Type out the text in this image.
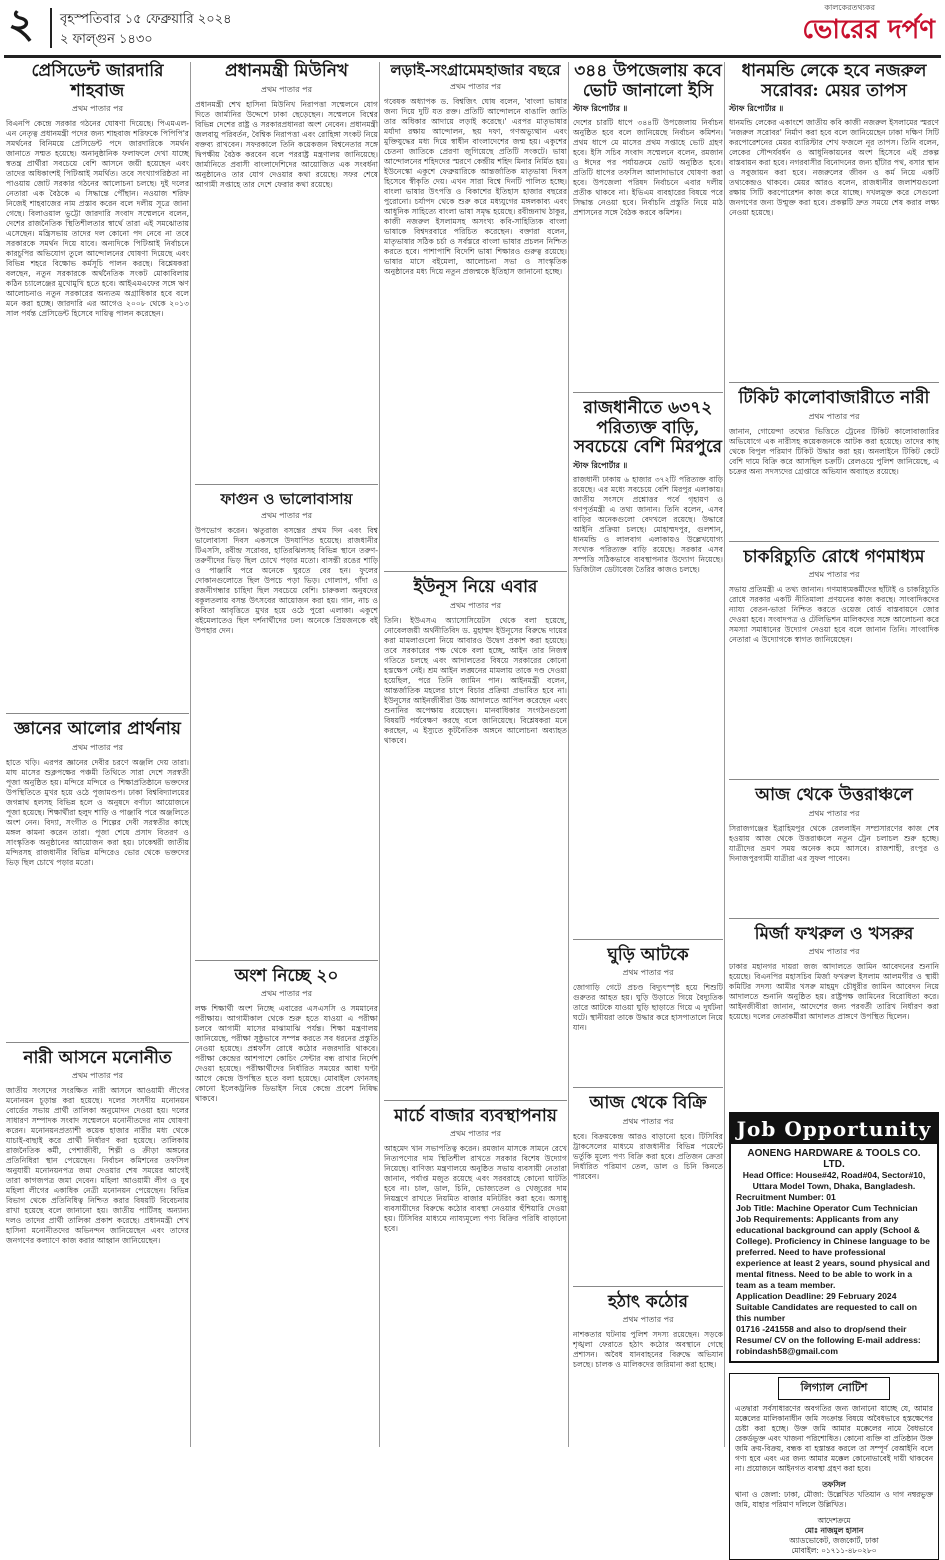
২ বৃহস্পতিবার ১৫ ফেব্রুয়ারি ২০২৪
২ ফাল্গুন ১৪৩০
কালকেরতথ্যকর
ভোরের দর্পণ
প্রেসিডেন্ট জারদারি শাহবাজ
প্রথম পাতার পর

বিএনপি কেন্দ্রে সরকার গঠনের ঘোষণা দিয়েছে। পিএমএল-এন নেতৃত্ব প্রধানমন্ত্রী পদের জন্য শাহবাজ শরিফকে পিপিপি'র সমর্থনের বিনিময়ে প্রেসিডেন্ট পদে জারদারিকে সমর্থন জানাতে সম্মত হয়েছে। অনানুষ্ঠানিক ফলাফলে দেখা যাচ্ছে স্বতন্ত্র প্রার্থীরা সবচেয়ে বেশি আসনে জয়ী হয়েছেন এবং তাদের অধিকাংশই পিটিআই সমর্থিত। তবে সংখ্যাগরিষ্ঠতা না পাওয়ায় জোট সরকার গঠনের আলোচনা চলছে। দুই দলের নেতারা এক বৈঠকে এ সিদ্ধান্তে পৌঁছান। নওয়াজ শরিফ নিজেই শাহবাজের নাম প্রস্তাব করেন বলে দলীয় সূত্রে জানা গেছে। বিলাওয়াল ভুট্টো জারদারি সংবাদ সম্মেলনে বলেন, দেশের রাজনৈতিক স্থিতিশীলতার স্বার্থে তারা এই সমঝোতায় এসেছেন। মন্ত্রিসভায় তাদের দল কোনো পদ নেবে না তবে সরকারকে সমর্থন দিয়ে যাবে। অন্যদিকে পিটিআই নির্বাচনে কারচুপির অভিযোগ তুলে আন্দোলনের ঘোষণা দিয়েছে এবং বিভিন্ন শহরে বিক্ষোভ কর্মসূচি পালন করছে। বিশ্লেষকরা বলছেন, নতুন সরকারকে অর্থনৈতিক সংকট মোকাবিলায় কঠিন চ্যালেঞ্জের মুখোমুখি হতে হবে। আইএমএফের সঙ্গে ঋণ আলোচনাও নতুন সরকারের অন্যতম অগ্রাধিকার হবে বলে মনে করা হচ্ছে। জারদারি এর আগেও ২০০৮ থেকে ২০১৩ সাল পর্যন্ত প্রেসিডেন্ট হিসেবে দায়িত্ব পালন করেছেন।

জ্ঞানের আলোর প্রার্থনায়
প্রথম পাতার পর

হাতে খড়ি। এরপর জ্ঞানের দেবীর চরণে অঞ্জলি দেয় তারা। মাঘ মাসের শুক্লপক্ষের পঞ্চমী তিথিতে সারা দেশে সরস্বতী পূজা অনুষ্ঠিত হয়। মন্দিরে মন্দিরে ও শিক্ষাপ্রতিষ্ঠানে ভক্তদের উপস্থিতিতে মুখর হয়ে ওঠে পূজামণ্ডপ। ঢাকা বিশ্ববিদ্যালয়ের জগন্নাথ হলসহ বিভিন্ন হলে ও অনুষদে বর্ণাঢ্য আয়োজনে পূজা হয়েছে। শিক্ষার্থীরা হলুদ শাড়ি ও পাঞ্জাবি পরে অঞ্জলিতে অংশ নেন। বিদ্যা, সংগীত ও শিল্পের দেবী সরস্বতীর কাছে মঙ্গল কামনা করেন তারা। পূজা শেষে প্রসাদ বিতরণ ও সাংস্কৃতিক অনুষ্ঠানের আয়োজন করা হয়। ঢাকেশ্বরী জাতীয় মন্দিরসহ রাজধানীর বিভিন্ন মন্দিরেও ভোর থেকে ভক্তদের ভিড় ছিল চোখে পড়ার মতো।

নারী আসনে মনোনীত
প্রথম পাতার পর

জাতীয় সংসদের সংরক্ষিত নারী আসনে আওয়ামী লীগের মনোনয়ন চূড়ান্ত করা হয়েছে। দলের সংসদীয় মনোনয়ন বোর্ডের সভায় প্রার্থী তালিকা অনুমোদন দেওয়া হয়। দলের সাধারণ সম্পাদক সংবাদ সম্মেলনে মনোনীতদের নাম ঘোষণা করেন। মনোনয়নপ্রত্যাশী কয়েক হাজার নারীর মধ্য থেকে যাচাই-বাছাই করে প্রার্থী নির্ধারণ করা হয়েছে। তালিকায় রাজনৈতিক কর্মী, পেশাজীবী, শিল্পী ও ক্রীড়া অঙ্গনের প্রতিনিধিরা স্থান পেয়েছেন। নির্বাচন কমিশনের তফসিল অনুযায়ী মনোনয়নপত্র জমা দেওয়ার শেষ সময়ের আগেই তারা কাগজপত্র জমা দেবেন। মহিলা আওয়ামী লীগ ও যুব মহিলা লীগের একাধিক নেত্রী মনোনয়ন পেয়েছেন। বিভিন্ন বিভাগ থেকে প্রতিনিধিত্ব নিশ্চিত করার বিষয়টি বিবেচনায় রাখা হয়েছে বলে জানানো হয়। জাতীয় পার্টিসহ অন্যান্য দলও তাদের প্রার্থী তালিকা প্রকাশ করেছে। প্রধানমন্ত্রী শেখ হাসিনা মনোনীতদের অভিনন্দন জানিয়েছেন এবং তাদের জনগণের কল্যাণে কাজ করার আহ্বান জানিয়েছেন।

প্রধানমন্ত্রী মিউনিখ
প্রথম পাতার পর

প্রধানমন্ত্রী শেখ হাসিনা মিউনিখ নিরাপত্তা সম্মেলনে যোগ দিতে জার্মানির উদ্দেশে ঢাকা ছেড়েছেন। সম্মেলনে বিশ্বের বিভিন্ন দেশের রাষ্ট্র ও সরকারপ্রধানরা অংশ নেবেন। প্রধানমন্ত্রী জলবায়ু পরিবর্তন, বৈশ্বিক নিরাপত্তা এবং রোহিঙ্গা সংকট নিয়ে বক্তব্য রাখবেন। সফরকালে তিনি কয়েকজন বিশ্বনেতার সঙ্গে দ্বিপক্ষীয় বৈঠক করবেন বলে পররাষ্ট্র মন্ত্রণালয় জানিয়েছে। জার্মানিতে প্রবাসী বাংলাদেশিদের আয়োজিত এক সংবর্ধনা অনুষ্ঠানেও তার যোগ দেওয়ার কথা রয়েছে। সফর শেষে আগামী সপ্তাহে তার দেশে ফেরার কথা রয়েছে।

ফাগুন ও ভালোবাসায়
প্রথম পাতার পর

উপভোগ করেন। ঋতুরাজ বসন্তের প্রথম দিন এবং বিশ্ব ভালোবাসা দিবস একসঙ্গে উদযাপিত হয়েছে। রাজধানীর টিএসসি, রবীন্দ্র সরোবর, হাতিরঝিলসহ বিভিন্ন স্থানে তরুণ-তরুণীদের ভিড় ছিল চোখে পড়ার মতো। বাসন্তী রঙের শাড়ি ও পাঞ্জাবি পরে অনেকে ঘুরতে বের হন। ফুলের দোকানগুলোতে ছিল উপচে পড়া ভিড়। গোলাপ, গাঁদা ও রজনীগন্ধার চাহিদা ছিল সবচেয়ে বেশি। চারুকলা অনুষদের বকুলতলায় বসন্ত উৎসবের আয়োজন করা হয়। গান, নাচ ও কবিতা আবৃত্তিতে মুখর হয়ে ওঠে পুরো এলাকা। একুশে বইমেলাতেও ছিল দর্শনার্থীদের ঢল। অনেকে প্রিয়জনকে বই উপহার দেন।

অংশ নিচ্ছে ২০
প্রথম পাতার পর

লক্ষ শিক্ষার্থী অংশ নিচ্ছে এবারের এসএসসি ও সমমানের পরীক্ষায়। আগামীকাল থেকে শুরু হতে যাওয়া এ পরীক্ষা চলবে আগামী মাসের মাঝামাঝি পর্যন্ত। শিক্ষা মন্ত্রণালয় জানিয়েছে, পরীক্ষা সুষ্ঠুভাবে সম্পন্ন করতে সব ধরনের প্রস্তুতি নেওয়া হয়েছে। প্রশ্নফাঁস রোধে কঠোর নজরদারি থাকবে। পরীক্ষা কেন্দ্রের আশপাশে কোচিং সেন্টার বন্ধ রাখার নির্দেশ দেওয়া হয়েছে। পরীক্ষার্থীদের নির্ধারিত সময়ের আধা ঘণ্টা আগে কেন্দ্রে উপস্থিত হতে বলা হয়েছে। মোবাইল ফোনসহ কোনো ইলেকট্রনিক ডিভাইস নিয়ে কেন্দ্রে প্রবেশ নিষিদ্ধ থাকবে।

লড়াই-সংগ্রামেমহাজার বছরে
প্রথম পাতার পর

গবেষক অধ্যাপক ড. বিশ্বজিৎ ঘোষ বলেন, 'বাংলা ভাষার জন্য দিয়ে দুটি যত রক্ত। প্রতিটি আন্দোলনে বাঙালি জাতি তার অধিকার আদায়ে লড়াই করেছে।' এরপর মাতৃভাষার মর্যাদা রক্ষায় আন্দোলন, ছয় দফা, গণঅভ্যুত্থান এবং মুক্তিযুদ্ধের মধ্য দিয়ে স্বাধীন বাংলাদেশের জন্ম হয়। একুশের চেতনা জাতিকে প্রেরণা জুগিয়েছে প্রতিটি সংকটে। ভাষা আন্দোলনের শহিদদের স্মরণে কেন্দ্রীয় শহিদ মিনার নির্মিত হয়। ইউনেস্কো একুশে ফেব্রুয়ারিকে আন্তর্জাতিক মাতৃভাষা দিবস হিসেবে স্বীকৃতি দেয়। এখন সারা বিশ্বে দিনটি পালিত হচ্ছে। বাংলা ভাষার উৎপত্তি ও বিকাশের ইতিহাস হাজার বছরের পুরোনো। চর্যাপদ থেকে শুরু করে মধ্যযুগের মঙ্গলকাব্য এবং আধুনিক সাহিত্যে বাংলা ভাষা সমৃদ্ধ হয়েছে। রবীন্দ্রনাথ ঠাকুর, কাজী নজরুল ইসলামসহ অসংখ্য কবি-সাহিত্যিক বাংলা ভাষাকে বিশ্বদরবারে পরিচিত করেছেন। বক্তারা বলেন, মাতৃভাষার সঠিক চর্চা ও সর্বস্তরে বাংলা ভাষার প্রচলন নিশ্চিত করতে হবে। পাশাপাশি বিদেশি ভাষা শিক্ষারও গুরুত্ব রয়েছে। ভাষার মাসে বইমেলা, আলোচনা সভা ও সাংস্কৃতিক অনুষ্ঠানের মধ্য দিয়ে নতুন প্রজন্মকে ইতিহাস জানানো হচ্ছে।

ইউনূস নিয়ে এবার
প্রথম পাতার পর

তিনি। ইউএসএ অ্যাসোসিয়েটস থেকে বলা হয়েছে, নোবেলজয়ী অর্থনীতিবিদ ড. মুহাম্মদ ইউনূসের বিরুদ্ধে দায়ের করা মামলাগুলো নিয়ে আবারও উদ্বেগ প্রকাশ করা হয়েছে। তবে সরকারের পক্ষ থেকে বলা হচ্ছে, আইন তার নিজস্ব গতিতে চলছে এবং আদালতের বিষয়ে সরকারের কোনো হস্তক্ষেপ নেই। শ্রম আইন লঙ্ঘনের মামলায় তাকে দণ্ড দেওয়া হয়েছিল, পরে তিনি জামিন পান। আইনমন্ত্রী বলেন, আন্তর্জাতিক মহলের চাপে বিচার প্রক্রিয়া প্রভাবিত হবে না। ইউনূসের আইনজীবীরা উচ্চ আদালতে আপিল করেছেন এবং শুনানির অপেক্ষায় রয়েছেন। মানবাধিকার সংগঠনগুলো বিষয়টি পর্যবেক্ষণ করছে বলে জানিয়েছে। বিশ্লেষকরা মনে করছেন, এ ইস্যুতে কূটনৈতিক অঙ্গনে আলোচনা অব্যাহত থাকবে।

মার্চে বাজার ব্যবস্থাপনায়
প্রথম পাতার পর

আহমেদ খান সভাপতিত্ব করেন। রমজান মাসকে সামনে রেখে নিত্যপণ্যের দাম স্থিতিশীল রাখতে সরকার বিশেষ উদ্যোগ নিয়েছে। বাণিজ্য মন্ত্রণালয়ে অনুষ্ঠিত সভায় ব্যবসায়ী নেতারা জানান, পর্যাপ্ত মজুত রয়েছে এবং সরবরাহে কোনো ঘাটতি হবে না। চাল, ডাল, চিনি, ভোজ্যতেল ও খেজুরের দাম নিয়ন্ত্রণে রাখতে নিয়মিত বাজার মনিটরিং করা হবে। অসাধু ব্যবসায়ীদের বিরুদ্ধে কঠোর ব্যবস্থা নেওয়ার হুঁশিয়ারি দেওয়া হয়। টিসিবির মাধ্যমে ন্যায্যমূল্যে পণ্য বিক্রির পরিধি বাড়ানো হবে।

৩৪৪ উপজেলায় কবে ভোট জানালো ইসি
স্টাফ রিপোর্টার ॥

দেশের চারটি ধাপে ৩৪৪টি উপজেলায় নির্বাচন অনুষ্ঠিত হবে বলে জানিয়েছে নির্বাচন কমিশন। প্রথম ধাপে মে মাসের প্রথম সপ্তাহে ভোট গ্রহণ হবে। ইসি সচিব সংবাদ সম্মেলনে বলেন, রমজান ও ঈদের পর পর্যায়ক্রমে ভোট অনুষ্ঠিত হবে। প্রতিটি ধাপের তফসিল আলাদাভাবে ঘোষণা করা হবে। উপজেলা পরিষদ নির্বাচনে এবার দলীয় প্রতীক থাকবে না। ইভিএম ব্যবহারের বিষয়ে পরে সিদ্ধান্ত নেওয়া হবে। নির্বাচনি প্রস্তুতি নিয়ে মাঠ প্রশাসনের সঙ্গে বৈঠক করবে কমিশন।

রাজধানীতে ৬৩৭২ পরিত্যক্ত বাড়ি, সবচেয়ে বেশি মিরপুরে
স্টাফ রিপোর্টার ॥

রাজধানী ঢাকায় ৬ হাজার ৩৭২টি পরিত্যক্ত বাড়ি রয়েছে। এর মধ্যে সবচেয়ে বেশি মিরপুর এলাকায়। জাতীয় সংসদে প্রশ্নোত্তর পর্বে গৃহায়ণ ও গণপূর্তমন্ত্রী এ তথ্য জানান। তিনি বলেন, এসব বাড়ির অনেকগুলো বেদখলে রয়েছে। উদ্ধারে আইনি প্রক্রিয়া চলছে। মোহাম্মদপুর, গুলশান, ধানমন্ডি ও লালবাগ এলাকায়ও উল্লেখযোগ্য সংখ্যক পরিত্যক্ত বাড়ি রয়েছে। সরকার এসব সম্পত্তি সঠিকভাবে ব্যবস্থাপনার উদ্যোগ নিয়েছে। ডিজিটাল ডেটাবেজ তৈরির কাজও চলছে।

ঘুড়ি আটকে
প্রথম পাতার পর

জোগাড়ি গেটে প্রচণ্ড বিদ্যুৎস্পৃষ্ট হয়ে শিশুটি গুরুতর আহত হয়। ঘুড়ি উড়াতে গিয়ে বৈদ্যুতিক তারে আটকে যাওয়া ঘুড়ি ছাড়াতে গিয়ে এ দুর্ঘটনা ঘটে। স্থানীয়রা তাকে উদ্ধার করে হাসপাতালে নিয়ে যান।

আজ থেকে বিক্রি
প্রথম পাতার পর

হবে। বিক্রয়কেন্দ্র আরও বাড়ানো হবে। টিসিবির ট্রাকসেলের মাধ্যমে রাজধানীর বিভিন্ন পয়েন্টে ভর্তুকি মূল্যে পণ্য বিক্রি করা হবে। প্রতিজন ক্রেতা নির্ধারিত পরিমাণ তেল, ডাল ও চিনি কিনতে পারবেন।

হঠাৎ কঠোর
প্রথম পাতার পর

নাশকতার ঘটনায় পুলিশ সদস্য রয়েছেন। সড়কে শৃঙ্খলা ফেরাতে হঠাৎ কঠোর অবস্থানে গেছে প্রশাসন। অবৈধ যানবাহনের বিরুদ্ধে অভিযান চলছে। চালক ও মালিকদের জরিমানা করা হচ্ছে।

ধানমন্ডি লেকে হবে নজরুল সরোবর: মেয়র তাপস
স্টাফ রিপোর্টার ॥

ধানমন্ডি লেকের একাংশে জাতীয় কবি কাজী নজরুল ইসলামের স্মরণে 'নজরুল সরোবর' নির্মাণ করা হবে বলে জানিয়েছেন ঢাকা দক্ষিণ সিটি করপোরেশনের মেয়র ব্যারিস্টার শেখ ফজলে নূর তাপস। তিনি বলেন, লেকের সৌন্দর্যবর্ধন ও আধুনিকায়নের অংশ হিসেবে এই প্রকল্প বাস্তবায়ন করা হবে। নগরবাসীর বিনোদনের জন্য হাঁটার পথ, বসার স্থান ও সবুজায়ন করা হবে। নজরুলের জীবন ও কর্ম নিয়ে একটি তথ্যকেন্দ্রও থাকবে। মেয়র আরও বলেন, রাজধানীর জলাশয়গুলো রক্ষায় সিটি করপোরেশন কাজ করে যাচ্ছে। দখলমুক্ত করে সেগুলো জনগণের জন্য উন্মুক্ত করা হবে। প্রকল্পটি দ্রুত সময়ে শেষ করার লক্ষ্য নেওয়া হয়েছে।

টিকিট কালোবাজারীতে নারী
প্রথম পাতার পর

জানান, গোয়েন্দা তথ্যের ভিত্তিতে ট্রেনের টিকিট কালোবাজারির অভিযোগে এক নারীসহ কয়েকজনকে আটক করা হয়েছে। তাদের কাছ থেকে বিপুল পরিমাণ টিকিট উদ্ধার করা হয়। অনলাইনে টিকিট কেটে বেশি দামে বিক্রি করে আসছিল চক্রটি। রেলওয়ে পুলিশ জানিয়েছে, এ চক্রের অন্য সদস্যদের গ্রেপ্তারে অভিযান অব্যাহত রয়েছে।

চাকরিচ্যুতি রোধে গণমাধ্যম
প্রথম পাতার পর

সভায় প্রতিমন্ত্রী এ তথ্য জানান। গণমাধ্যমকর্মীদের ছাঁটাই ও চাকরিচ্যুতি রোধে সরকার একটি নীতিমালা প্রণয়নের কাজ করছে। সাংবাদিকদের ন্যায্য বেতন-ভাতা নিশ্চিত করতে ওয়েজ বোর্ড বাস্তবায়নে জোর দেওয়া হবে। সংবাদপত্র ও টেলিভিশন মালিকদের সঙ্গে আলোচনা করে সমস্যা সমাধানের উদ্যোগ নেওয়া হবে বলে জানান তিনি। সাংবাদিক নেতারা এ উদ্যোগকে স্বাগত জানিয়েছেন।

আজ থেকে উত্তরাঞ্চলে
প্রথম পাতার পর

সিরাজগঞ্জের ইব্রাহিমপুর থেকে রেললাইন সম্প্রসারণের কাজ শেষ হওয়ায় আজ থেকে উত্তরাঞ্চলে নতুন ট্রেন চলাচল শুরু হচ্ছে। যাত্রীদের ভ্রমণ সময় অনেক কমে আসবে। রাজশাহী, রংপুর ও দিনাজপুরগামী যাত্রীরা এর সুফল পাবেন।

মির্জা ফখরুল ও খসরুর
প্রথম পাতার পর

ঢাকার মহানগর দায়রা জজ আদালতে জামিন আবেদনের শুনানি হয়েছে। বিএনপির মহাসচিব মির্জা ফখরুল ইসলাম আলমগীর ও স্থায়ী কমিটির সদস্য আমীর খসরু মাহমুদ চৌধুরীর জামিন আবেদন নিয়ে আদালতে শুনানি অনুষ্ঠিত হয়। রাষ্ট্রপক্ষ জামিনের বিরোধিতা করে। আইনজীবীরা জানান, আদেশের জন্য পরবর্তী তারিখ নির্ধারণ করা হয়েছে। দলের নেতাকর্মীরা আদালত প্রাঙ্গণে উপস্থিত ছিলেন।

Job Opportunity
AONENG HARDWARE & TOOLS CO. LTD.
Head Office: House#42, Road#04, Sector#10,
Uttara Model Town, Dhaka, Bangladesh.
Recruitment Number: 01
Job Title: Machine Operator Cum Technician
Job Requirements: Applicants from any educational background can apply (School & College). Proficiency in Chinese language to be preferred. Need to have professional experience at least 2 years, sound physical and mental fitness. Need to be able to work in a team as a team member.
Application Deadline: 29 February 2024
Suitable Candidates are requested to call on this number
01716 -241558 and also to drop/send their Resume/ CV on the following E-mail address: robindash58@gmail.com
লিগ্যাল নোটিশ
এতদ্বারা সর্বসাধারণের অবগতির জন্য জানানো যাচ্ছে যে, আমার মক্কেলের মালিকানাধীন জমি সংক্রান্ত বিষয়ে অবৈধভাবে হস্তক্ষেপের চেষ্টা করা হচ্ছে। উক্ত জমি আমার মক্কেলের নামে বৈধভাবে রেকর্ডভুক্ত এবং খাজনা পরিশোধিত। কোনো ব্যক্তি বা প্রতিষ্ঠান উক্ত জমি ক্রয়-বিক্রয়, বন্ধক বা হস্তান্তর করলে তা সম্পূর্ণ বেআইনি বলে গণ্য হবে এবং এর জন্য আমার মক্কেল কোনোভাবেই দায়ী থাকবেন না। প্রয়োজনে আইনগত ব্যবস্থা গ্রহণ করা হবে।
তফসিল
থানা ও জেলা: ঢাকা, মৌজা: উল্লেখিত খতিয়ান ও দাগ নম্বরভুক্ত জমি, যাহার পরিমাণ দলিলে উল্লিখিত।
আদেশক্রমে
মোঃ নাজমুল হাসান
অ্যাডভোকেট, জজকোর্ট, ঢাকা
মোবাইল: ০১৭১১-৪৮০২৮০
